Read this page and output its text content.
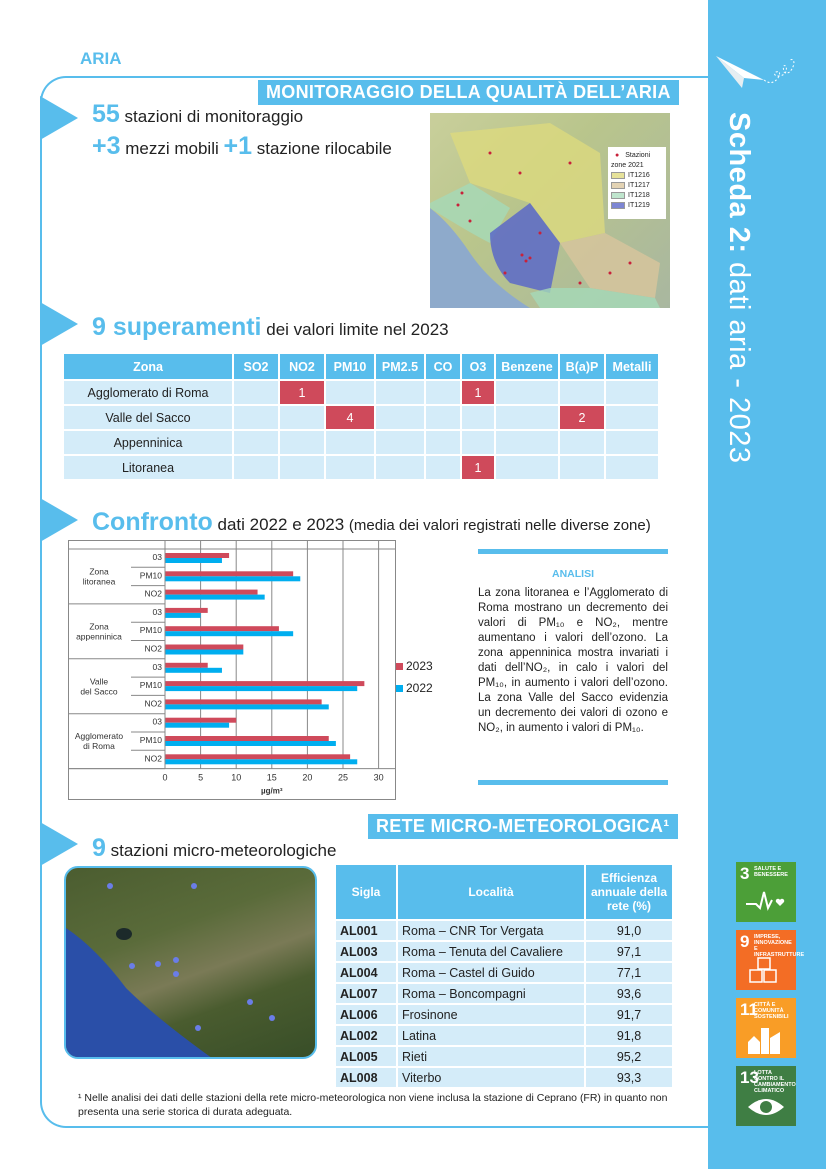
Scheda 2: dati aria - 2023
3 SALUTE E BENESSERE
9 IMPRESE, INNOVAZIONE E INFRASTRUTTURE
11
CITTÀ E COMUNITÀ SOSTENIBILI
13
LOTTA CONTRO IL CAMBIAMENTO CLIMATICO
ARIA
MONITORAGGIO DELLA QUALITÀ DELL’ARIA
55 stazioni di monitoraggio
+3 mezzi mobili +1 stazione rilocabile	● Stazioni
zone 2021
IT1216
IT1217
IT1218
IT1219
9 superamenti dei valori limite nel 2023
Zona	SO2	NO2	PM10	PM2.5	CO	O3	Benzene	B(a)P	Metalli
Agglomerato di Roma		1				1			
Valle del Sacco			4					2	
Appenninica									
Litoranea						1			
Confronto dati 2022 e 2023 (media dei valori registrati nelle diverse zone)
0	5	10	15	20	25	30
µg/m³
Zona litoranea
03
PM10
NO2
Zona appenninica
03
PM10
NO2
Valle del Sacco
03
PM10
NO2
Agglomerato di Roma
03
PM10
NO2
2023
2022
ANALISI
La zona litoranea e l’Agglomerato di Roma mostrano un decremento dei valori di PM₁₀ e NO₂, mentre aumentano i valori dell’ozono. La zona appenninica mostra invariati i dati dell’NO₂, in calo i valori del PM₁₀, in aumento i valori dell’ozono. La zona Valle del Sacco evidenzia un decremento dei valori di ozono e NO₂, in aumento i valori di PM₁₀.
RETE MICRO-METEOROLOGICA¹
9 stazioni micro-meteorologiche
Sigla	Località	Efficienza annuale della rete (%)
AL001	Roma – CNR Tor Vergata	91,0
AL003	Roma – Tenuta del Cavaliere	97,1
AL004	Roma – Castel di Guido	77,1
AL007	Roma – Boncompagni	93,6
AL006	Frosinone	91,7
AL002	Latina	91,8
AL005	Rieti	95,2
AL008	Viterbo	93,3
¹ Nelle analisi dei dati delle stazioni della rete micro-meteorologica non viene inclusa la stazione di Ceprano (FR) in quanto non presenta una serie storica di durata adeguata.
